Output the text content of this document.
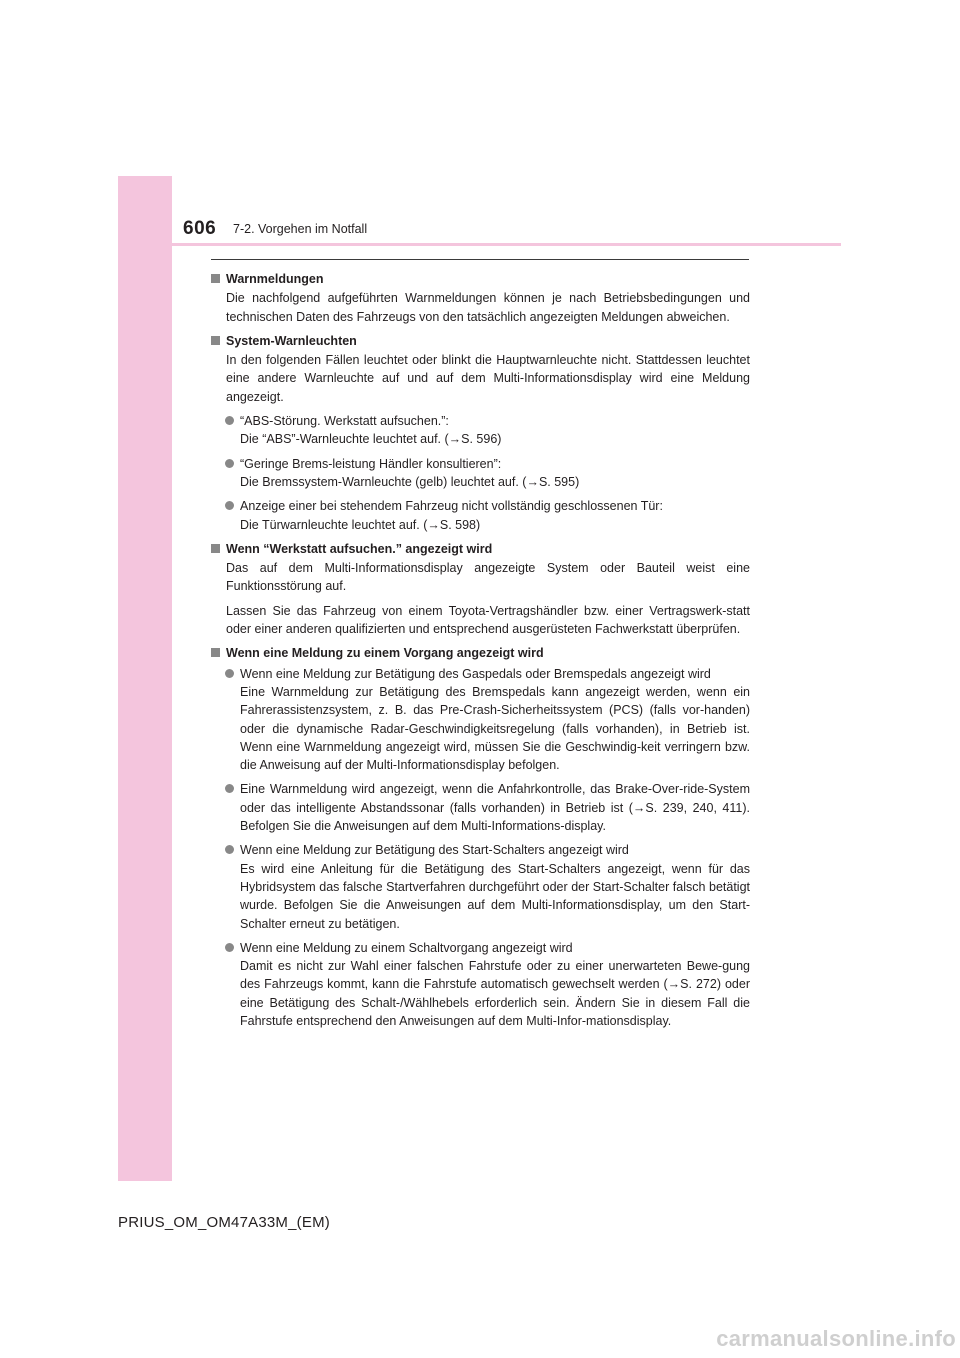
606 7-2. Vorgehen im Notfall
Warnmeldungen
Die nachfolgend aufgeführten Warnmeldungen können je nach Betriebsbedingungen und technischen Daten des Fahrzeugs von den tatsächlich angezeigten Meldungen abweichen.
System-Warnleuchten
In den folgenden Fällen leuchtet oder blinkt die Hauptwarnleuchte nicht. Stattdessen leuchtet eine andere Warnleuchte auf und auf dem Multi-Informationsdisplay wird eine Meldung angezeigt.
“ABS-Störung. Werkstatt aufsuchen.”:
Die “ABS”-Warnleuchte leuchtet auf. (→S. 596)
“Geringe Brems-leistung Händler konsultieren”:
Die Bremssystem-Warnleuchte (gelb) leuchtet auf. (→S. 595)
Anzeige einer bei stehendem Fahrzeug nicht vollständig geschlossenen Tür:
Die Türwarnleuchte leuchtet auf. (→S. 598)
Wenn “Werkstatt aufsuchen.” angezeigt wird
Das auf dem Multi-Informationsdisplay angezeigte System oder Bauteil weist eine Funktionsstörung auf.
Lassen Sie das Fahrzeug von einem Toyota-Vertragshändler bzw. einer Vertragswerk-statt oder einer anderen qualifizierten und entsprechend ausgerüsteten Fachwerkstatt überprüfen.
Wenn eine Meldung zu einem Vorgang angezeigt wird
Wenn eine Meldung zur Betätigung des Gaspedals oder Bremspedals angezeigt wird
Eine Warnmeldung zur Betätigung des Bremspedals kann angezeigt werden, wenn ein Fahrerassistenzsystem, z. B. das Pre-Crash-Sicherheitssystem (PCS) (falls vor-handen) oder die dynamische Radar-Geschwindigkeitsregelung (falls vorhanden), in Betrieb ist. Wenn eine Warnmeldung angezeigt wird, müssen Sie die Geschwindig-keit verringern bzw. die Anweisung auf der Multi-Informationsdisplay befolgen.
Eine Warnmeldung wird angezeigt, wenn die Anfahrkontrolle, das Brake-Over-ride-System oder das intelligente Abstandssonar (falls vorhanden) in Betrieb ist (→S. 239, 240, 411). Befolgen Sie die Anweisungen auf dem Multi-Informations-display.
Wenn eine Meldung zur Betätigung des Start-Schalters angezeigt wird
Es wird eine Anleitung für die Betätigung des Start-Schalters angezeigt, wenn für das Hybridsystem das falsche Startverfahren durchgeführt oder der Start-Schalter falsch betätigt wurde. Befolgen Sie die Anweisungen auf dem Multi-Informationsdisplay, um den Start-Schalter erneut zu betätigen.
Wenn eine Meldung zu einem Schaltvorgang angezeigt wird
Damit es nicht zur Wahl einer falschen Fahrstufe oder zu einer unerwarteten Bewe-gung des Fahrzeugs kommt, kann die Fahrstufe automatisch gewechselt werden (→S. 272) oder eine Betätigung des Schalt-/Wählhebels erforderlich sein. Ändern Sie in diesem Fall die Fahrstufe entsprechend den Anweisungen auf dem Multi-Infor-mationsdisplay.
PRIUS_OM_OM47A33M_(EM)
carmanualsonline.info
